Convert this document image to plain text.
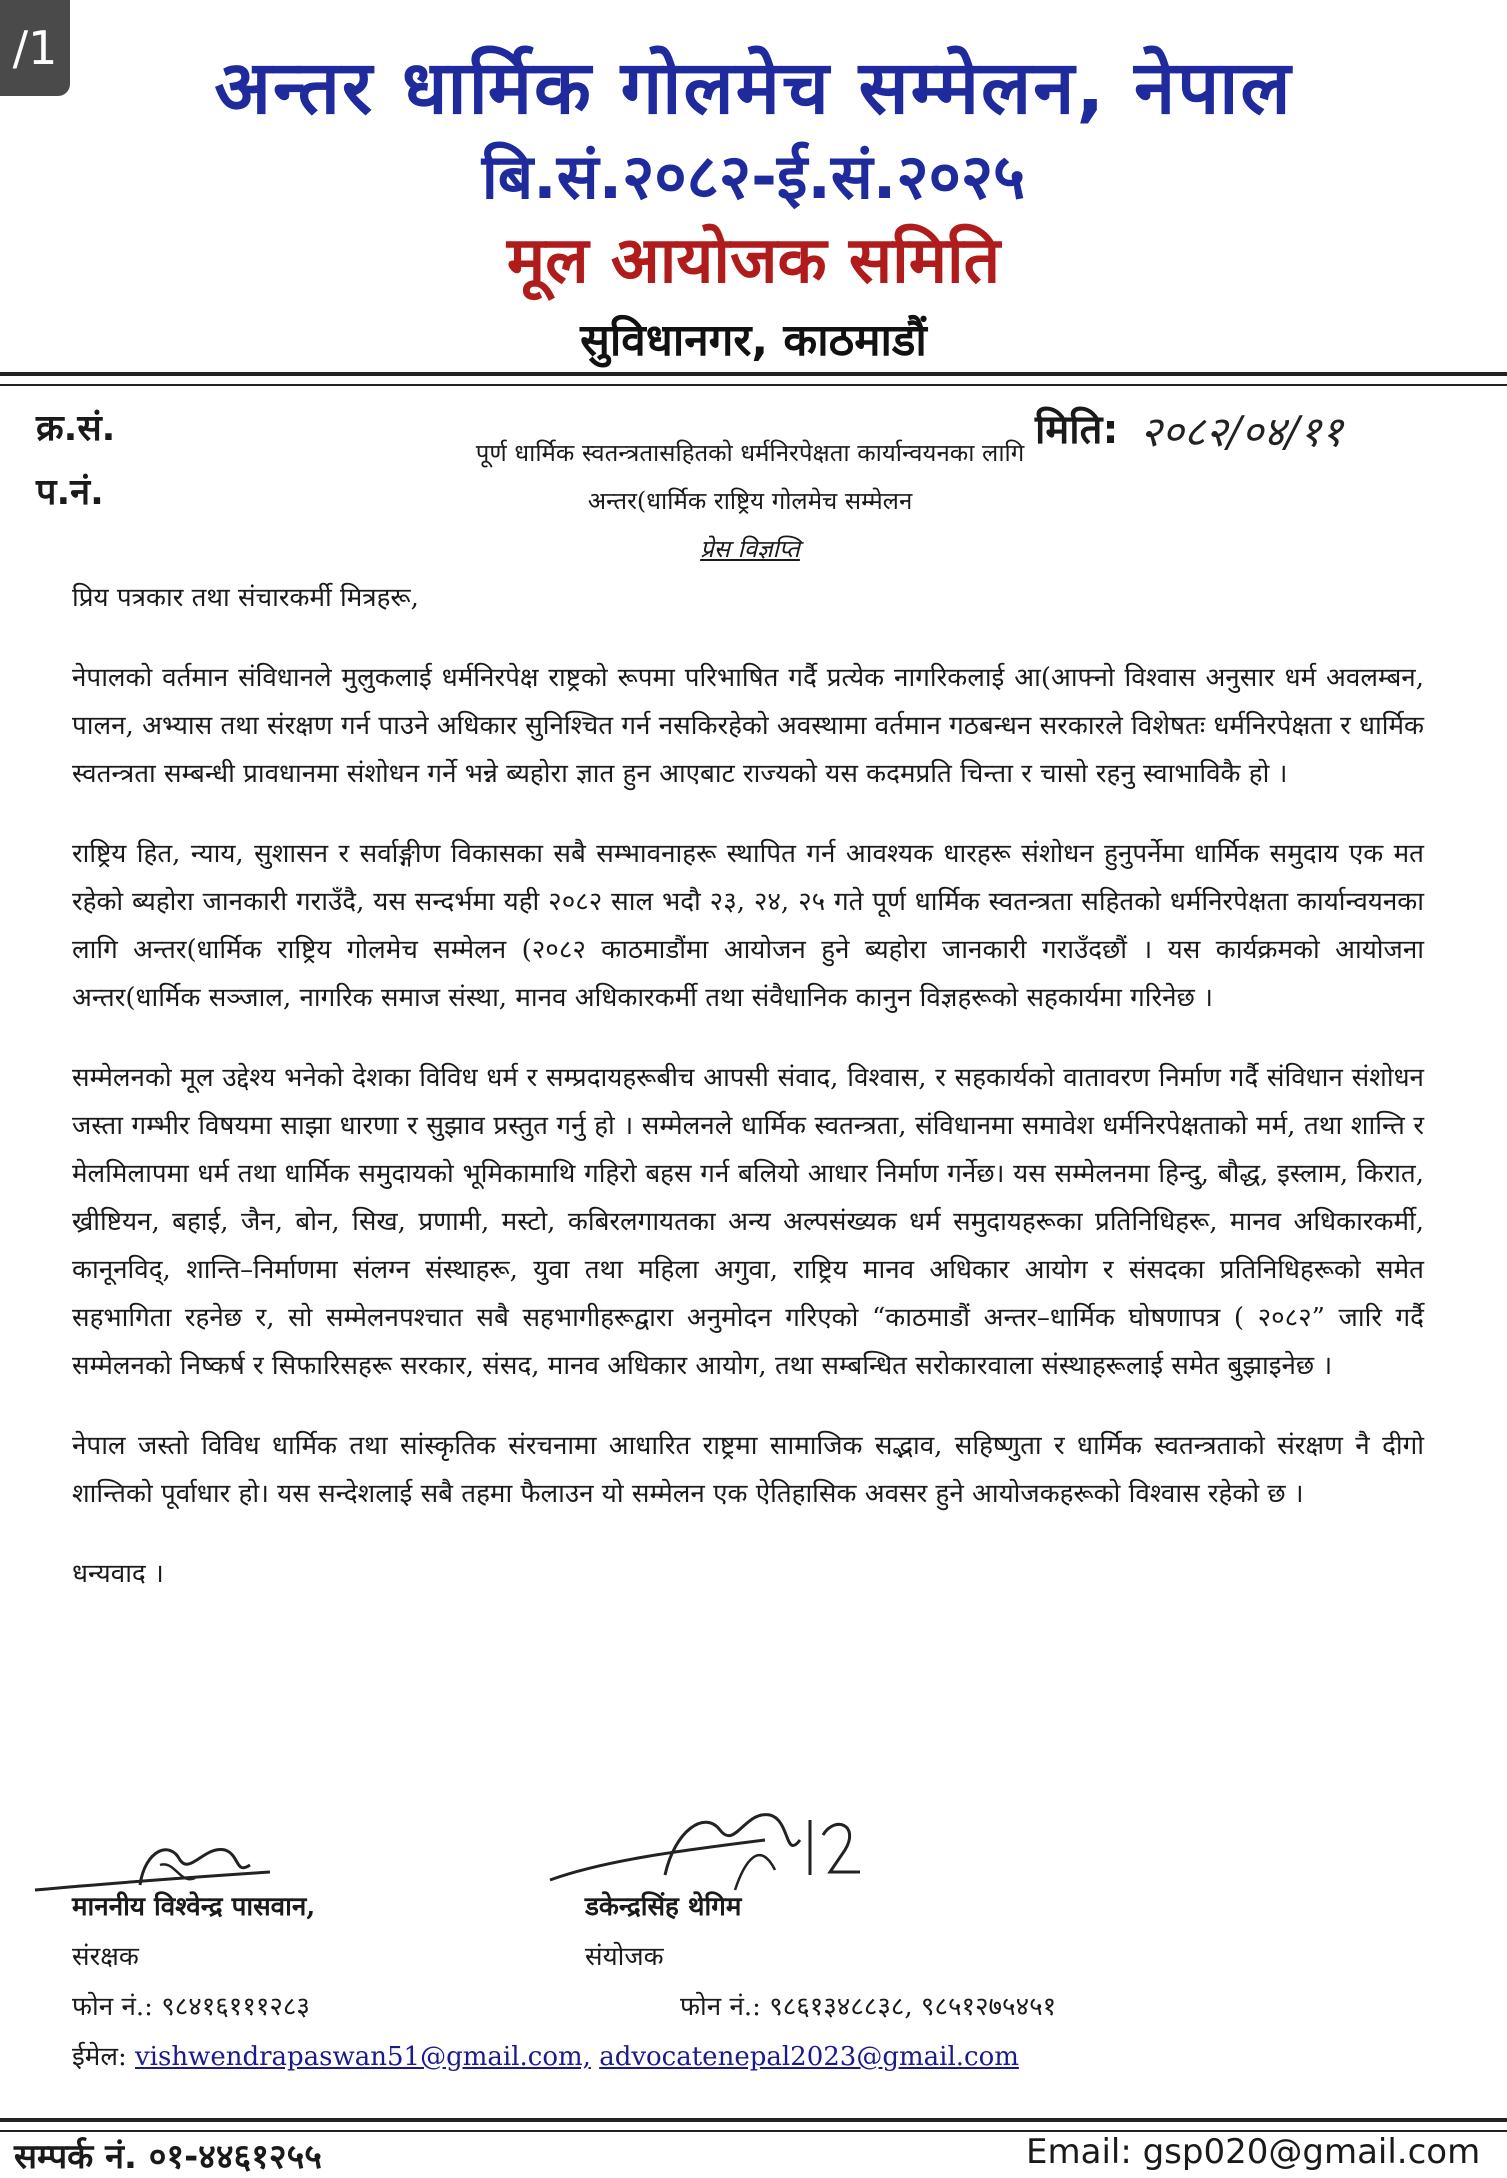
/1	अन्तर धार्मिक गोलमेच सम्मेलन, नेपाल
बि.सं.२०८२-ई.सं.२०२५
मूल आयोजक समिति
सुविधानगर, काठमाडौं
क्र.सं.
प.नं.
मिति: २०८२/०४/११
पूर्ण धार्मिक स्वतन्त्रतासहितको धर्मनिरपेक्षता कार्यान्वयनका लागि
अन्तर(धार्मिक राष्ट्रिय गोलमेच सम्मेलन
प्रेस विज्ञप्ति

प्रिय पत्रकार तथा संचारकर्मी मित्रहरू,

नेपालको वर्तमान संविधानले मुलुकलाई धर्मनिरपेक्ष राष्ट्रको रूपमा परिभाषित गर्दै प्रत्येक नागरिकलाई आ(आफ्नो विश्वास अनुसार धर्म अवलम्बन, पालन, अभ्यास तथा संरक्षण गर्न पाउने अधिकार सुनिश्चित गर्न नसकिरहेको अवस्थामा वर्तमान गठबन्धन सरकारले विशेषतः धर्मनिरपेक्षता र धार्मिक स्वतन्त्रता सम्बन्धी प्रावधानमा संशोधन गर्ने भन्ने ब्यहोरा ज्ञात हुन आएबाट राज्यको यस कदमप्रति चिन्ता र चासो रहनु स्वाभाविकै हो ।

राष्ट्रिय हित, न्याय, सुशासन र सर्वाङ्गीण विकासका सबै सम्भावनाहरू स्थापित गर्न आवश्यक धारहरू संशोधन हुनुपर्नेमा धार्मिक समुदाय एक मत रहेको ब्यहोरा जानकारी गराउँदै, यस सन्दर्भमा यही २०८२ साल भदौ २३, २४, २५ गते पूर्ण धार्मिक स्वतन्त्रता सहितको धर्मनिरपेक्षता कार्यान्वयनका लागि अन्तर(धार्मिक राष्ट्रिय गोलमेच सम्मेलन (२०८२ काठमाडौंमा आयोजन हुने ब्यहोरा जानकारी गराउँदछौं । यस कार्यक्रमको आयोजना अन्तर(धार्मिक सञ्जाल, नागरिक समाज संस्था, मानव अधिकारकर्मी तथा संवैधानिक कानुन विज्ञहरूको सहकार्यमा गरिनेछ ।

सम्मेलनको मूल उद्देश्य भनेको देशका विविध धर्म र सम्प्रदायहरूबीच आपसी संवाद, विश्वास, र सहकार्यको वातावरण निर्माण गर्दै संविधान संशोधन जस्ता गम्भीर विषयमा साझा धारणा र सुझाव प्रस्तुत गर्नु हो । सम्मेलनले धार्मिक स्वतन्त्रता, संविधानमा समावेश धर्मनिरपेक्षताको मर्म, तथा शान्ति र मेलमिलापमा धर्म तथा धार्मिक समुदायको भूमिकामाथि गहिरो बहस गर्न बलियो आधार निर्माण गर्नेछ। यस सम्मेलनमा हिन्दु, बौद्ध, इस्लाम, किरात, ख्रीष्टियन, बहाई, जैन, बोन, सिख, प्रणामी, मस्टो, कबिरलगायतका अन्य अल्पसंख्यक धर्म समुदायहरूका प्रतिनिधिहरू, मानव अधिकारकर्मी, कानूनविद्, शान्ति–निर्माणमा संलग्न संस्थाहरू, युवा तथा महिला अगुवा, राष्ट्रिय मानव अधिकार आयोग र संसदका प्रतिनिधिहरूको समेत सहभागिता रहनेछ र, सो सम्मेलनपश्चात सबै सहभागीहरूद्वारा अनुमोदन गरिएको “काठमाडौं अन्तर–धार्मिक घोषणापत्र ( २०८२” जारि गर्दै सम्मेलनको निष्कर्ष र सिफारिसहरू सरकार, संसद, मानव अधिकार आयोग, तथा सम्बन्धित सरोकारवाला संस्थाहरूलाई समेत बुझाइनेछ ।

नेपाल जस्तो विविध धार्मिक तथा सांस्कृतिक संरचनामा आधारित राष्ट्रमा सामाजिक सद्भाव, सहिष्णुता र धार्मिक स्वतन्त्रताको संरक्षण नै दीगो शान्तिको पूर्वाधार हो। यस सन्देशलाई सबै तहमा फैलाउन यो सम्मेलन एक ऐतिहासिक अवसर हुने आयोजकहरूको विश्वास रहेको छ ।

धन्यवाद ।

माननीय विश्वेन्द्र पासवान,
संरक्षक
फोन नं.: ९८४१६१११२८३
डकेन्द्रसिंह थेगिम
संयोजक
फोन नं.: ९८६१३४८८३८, ९८५१२७५४५१
ईमेल: vishwendrapaswan51@gmail.com, advocatenepal2023@gmail.com
सम्पर्क नं. ०१-४४६१२५५	Email: gsp020@gmail.com
